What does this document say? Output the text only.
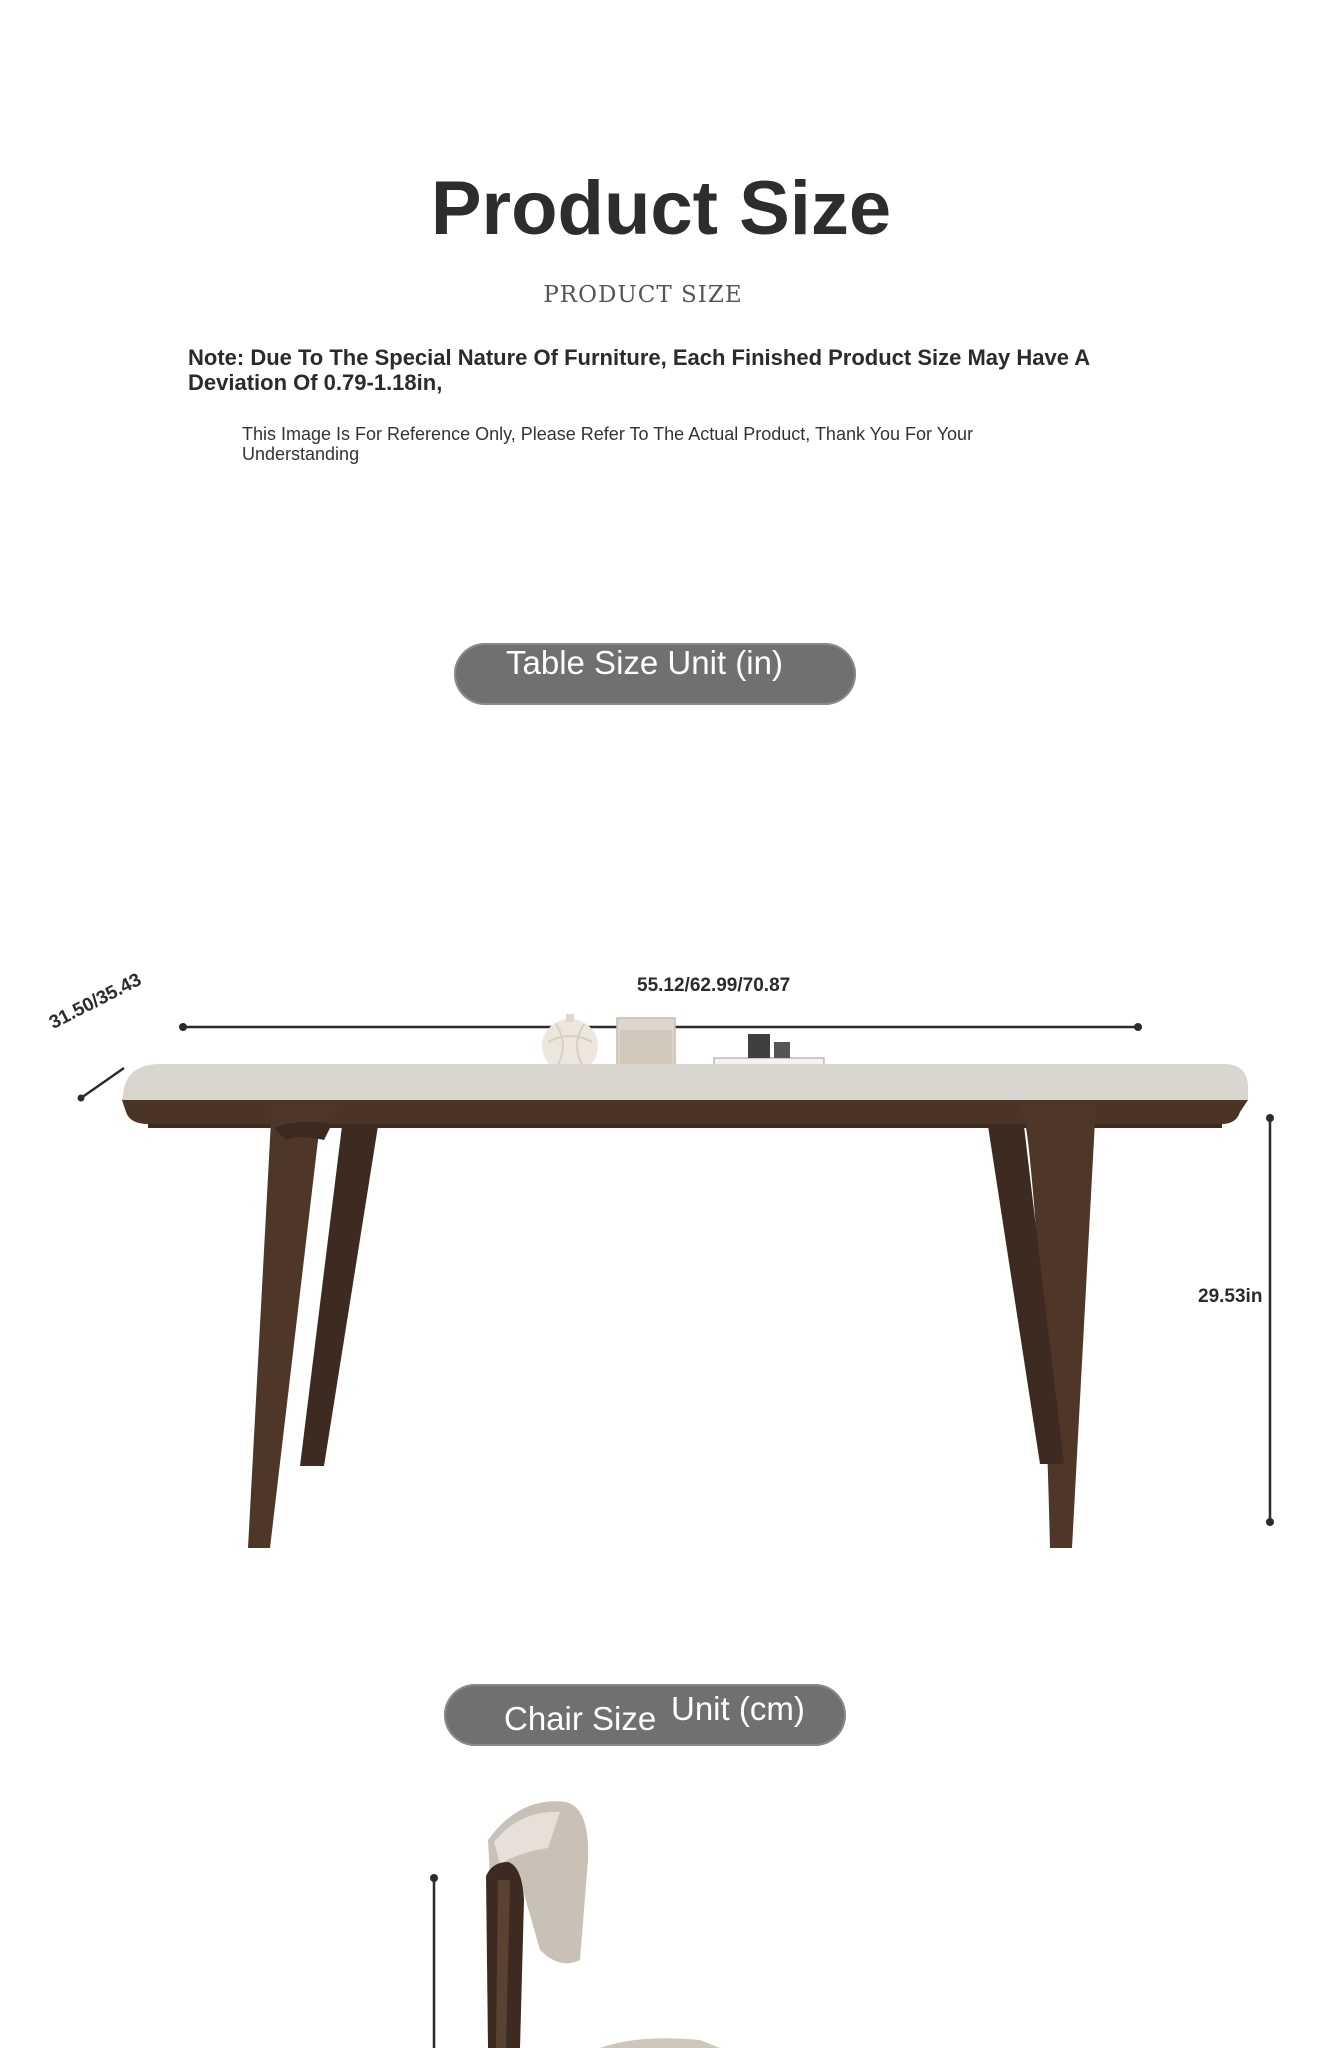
Product Size
PRODUCT SIZE
Note: Due To The Special Nature Of Furniture, Each Finished Product Size May Have A Deviation Of 0.79-1.18in,
This Image Is For Reference Only, Please Refer To The Actual Product, Thank You For Your Understanding
Table Size Unit (in)
55.12/62.99/70.87
31.50/35.43
29.53in
Chair Size Unit (cm)
